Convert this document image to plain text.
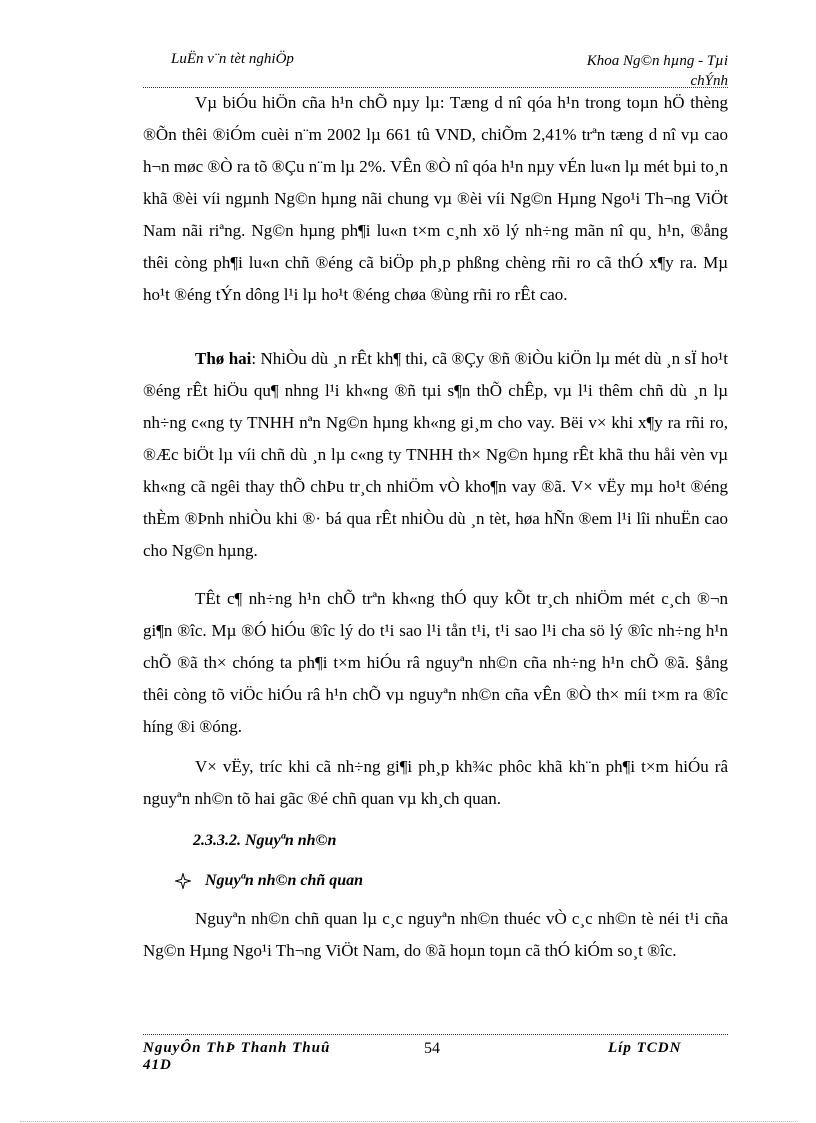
LuËn v¨n tèt nghiÖp	Khoa Ng©n hµng - Tµi
chÝnh
Vµ biÓu hiÖn cña h¹n chÕ nµy lµ: Tæng d nî qóa h¹n trong toµn hÖ thèng ®Õn thêi ®iÓm cuèi n¨m 2002 lµ 661 tû VND, chiÕm 2,41% trªn tæng d nî vµ cao h¬n møc ®Ò ra tõ ®Çu n¨m lµ 2%. VÊn ®Ò nî qóa h¹n nµy vÉn lu«n lµ mét bµi to¸n khã ®èi víi ngµnh Ng©n hµng nãi chung vµ ®èi víi Ng©n Hµng Ngo¹i Th¬ng ViÖt Nam nãi riªng. Ng©n hµng ph¶i lu«n t×m c¸nh xö lý nh÷ng mãn nî qu¸ h¹n, ®ång thêi còng ph¶i lu«n chñ ®éng cã biÖp ph¸p phßng chèng rñi ro cã thÓ x¶y ra. Mµ ho¹t ®éng tÝn dông l¹i lµ ho¹t ®éng chøa ®ùng rñi ro rÊt cao.
Thø hai: NhiÒu dù ¸n rÊt kh¶ thi, cã ®Çy ®ñ ®iÒu kiÖn lµ mét dù ¸n sÏ ho¹t ®éng rÊt hiÖu qu¶ nhng l¹i kh«ng ®ñ tµi s¶n thÕ chÊp, vµ l¹i thêm chñ dù ¸n lµ nh÷ng c«ng ty TNHH nªn Ng©n hµng kh«ng gi¸m cho vay. Bëi v× khi x¶y ra rñi ro, ®Æc biÖt lµ víi chñ dù ¸n lµ c«ng ty TNHH th× Ng©n hµng rÊt khã thu håi vèn vµ kh«ng cã ngêi thay thÕ chÞu tr¸ch nhiÖm vÒ kho¶n vay ®ã. V× vËy mµ ho¹t ®éng thÈm ®Þnh nhiÒu khi ®· bá qua rÊt nhiÒu dù ¸n tèt, høa hÑn ®em l¹i lîi nhuËn cao cho Ng©n hµng.
TÊt c¶ nh÷ng h¹n chÕ trªn kh«ng thÓ quy kÕt tr¸ch nhiÖm mét c¸ch ®¬n gi¶n ®îc. Mµ ®Ó hiÓu ®îc lý do t¹i sao l¹i tån t¹i, t¹i sao l¹i cha sö lý ®îc nh÷ng h¹n chÕ ®ã th× chóng ta ph¶i t×m hiÓu râ nguyªn nh©n cña nh÷ng h¹n chÕ ®ã. §ång thêi còng tõ viÖc hiÓu râ h¹n chÕ vµ nguyªn nh©n cña vÊn ®Ò th× míi t×m ra ®îc híng ®i ®óng.
V× vËy, tríc khi cã nh÷ng gi¶i ph¸p kh¾c phôc khã kh¨n ph¶i t×m hiÓu râ nguyªn nh©n tõ hai gãc ®é chñ quan vµ kh¸ch quan.
2.3.3.2. Nguyªn nh©n
Nguyªn nh©n chñ quan
Nguyªn nh©n chñ quan lµ c¸c nguyªn nh©n thuéc vÒ c¸c nh©n tè néi t¹i cña Ng©n Hµng Ngo¹i Th¬ng ViÖt Nam, do ®ã hoµn toµn cã thÓ kiÓm so¸t ®îc.
NguyÔn ThÞ Thanh Thuû
41D
54	Líp TCDN
